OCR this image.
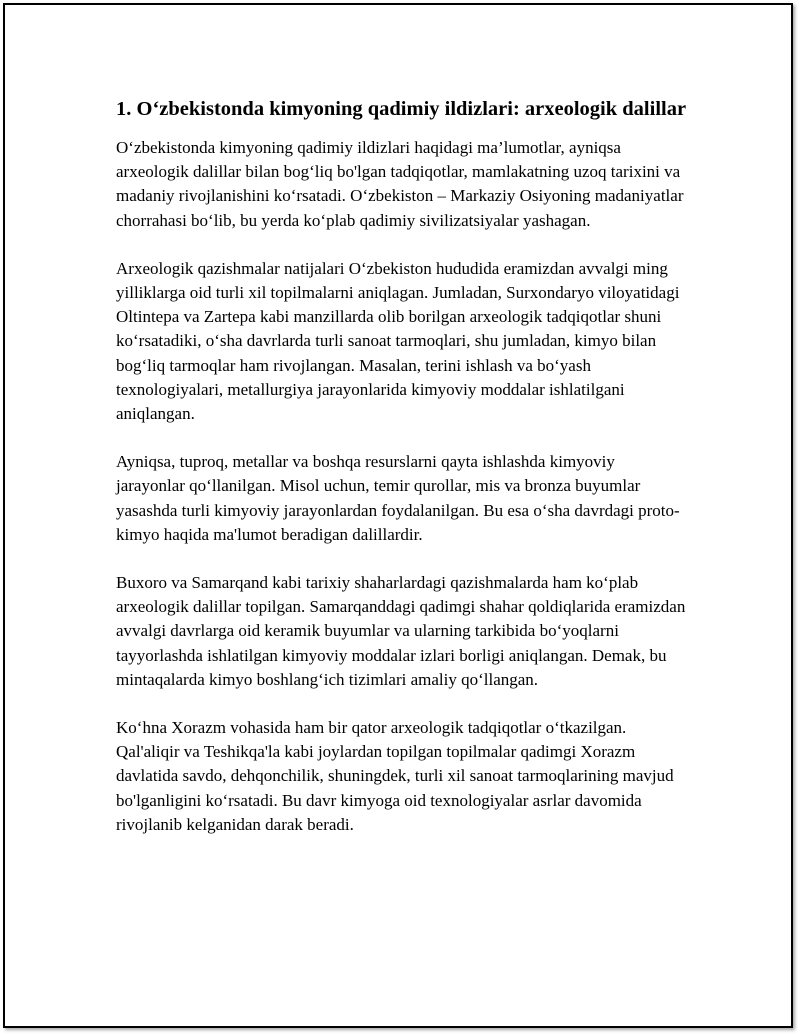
1. O‘zbekistonda kimyoning qadimiy ildizlari: arxeologik dalillar

O‘zbekistonda kimyoning qadimiy ildizlari haqidagi ma’lumotlar, ayniqsa arxeologik dalillar bilan bog‘liq bo'lgan tadqiqotlar, mamlakatning uzoq tarixini va madaniy rivojlanishini ko‘rsatadi. O‘zbekiston – Markaziy Osiyoning madaniyatlar chorrahasi bo‘lib, bu yerda ko‘plab qadimiy sivilizatsiyalar yashagan.

Arxeologik qazishmalar natijalari O‘zbekiston hududida eramizdan avvalgi ming yilliklarga oid turli xil topilmalarni aniqlagan. Jumladan, Surxondaryo viloyatidagi Oltintepa va Zartepa kabi manzillarda olib borilgan arxeologik tadqiqotlar shuni ko‘rsatadiki, o‘sha davrlarda turli sanoat tarmoqlari, shu jumladan, kimyo bilan bog‘liq tarmoqlar ham rivojlangan. Masalan, terini ishlash va bo‘yash texnologiyalari, metallurgiya jarayonlarida kimyoviy moddalar ishlatilgani aniqlangan.

Ayniqsa, tuproq, metallar va boshqa resurslarni qayta ishlashda kimyoviy jarayonlar qo‘llanilgan. Misol uchun, temir qurollar, mis va bronza buyumlar yasashda turli kimyoviy jarayonlardan foydalanilgan. Bu esa o‘sha davrdagi proto-kimyo haqida ma'lumot beradigan dalillardir.

Buxoro va Samarqand kabi tarixiy shaharlardagi qazishmalarda ham ko‘plab arxeologik dalillar topilgan. Samarqanddagi qadimgi shahar qoldiqlarida eramizdan avvalgi davrlarga oid keramik buyumlar va ularning tarkibida bo‘yoqlarni tayyorlashda ishlatilgan kimyoviy moddalar izlari borligi aniqlangan. Demak, bu mintaqalarda kimyo boshlang‘ich tizimlari amaliy qo‘llangan.

Ko‘hna Xorazm vohasida ham bir qator arxeologik tadqiqotlar o‘tkazilgan. Qal'aliqir va Teshikqa'la kabi joylardan topilgan topilmalar qadimgi Xorazm davlatida savdo, dehqonchilik, shuningdek, turli xil sanoat tarmoqlarining mavjud bo'lganligini ko‘rsatadi. Bu davr kimyoga oid texnologiyalar asrlar davomida rivojlanib kelganidan darak beradi.
